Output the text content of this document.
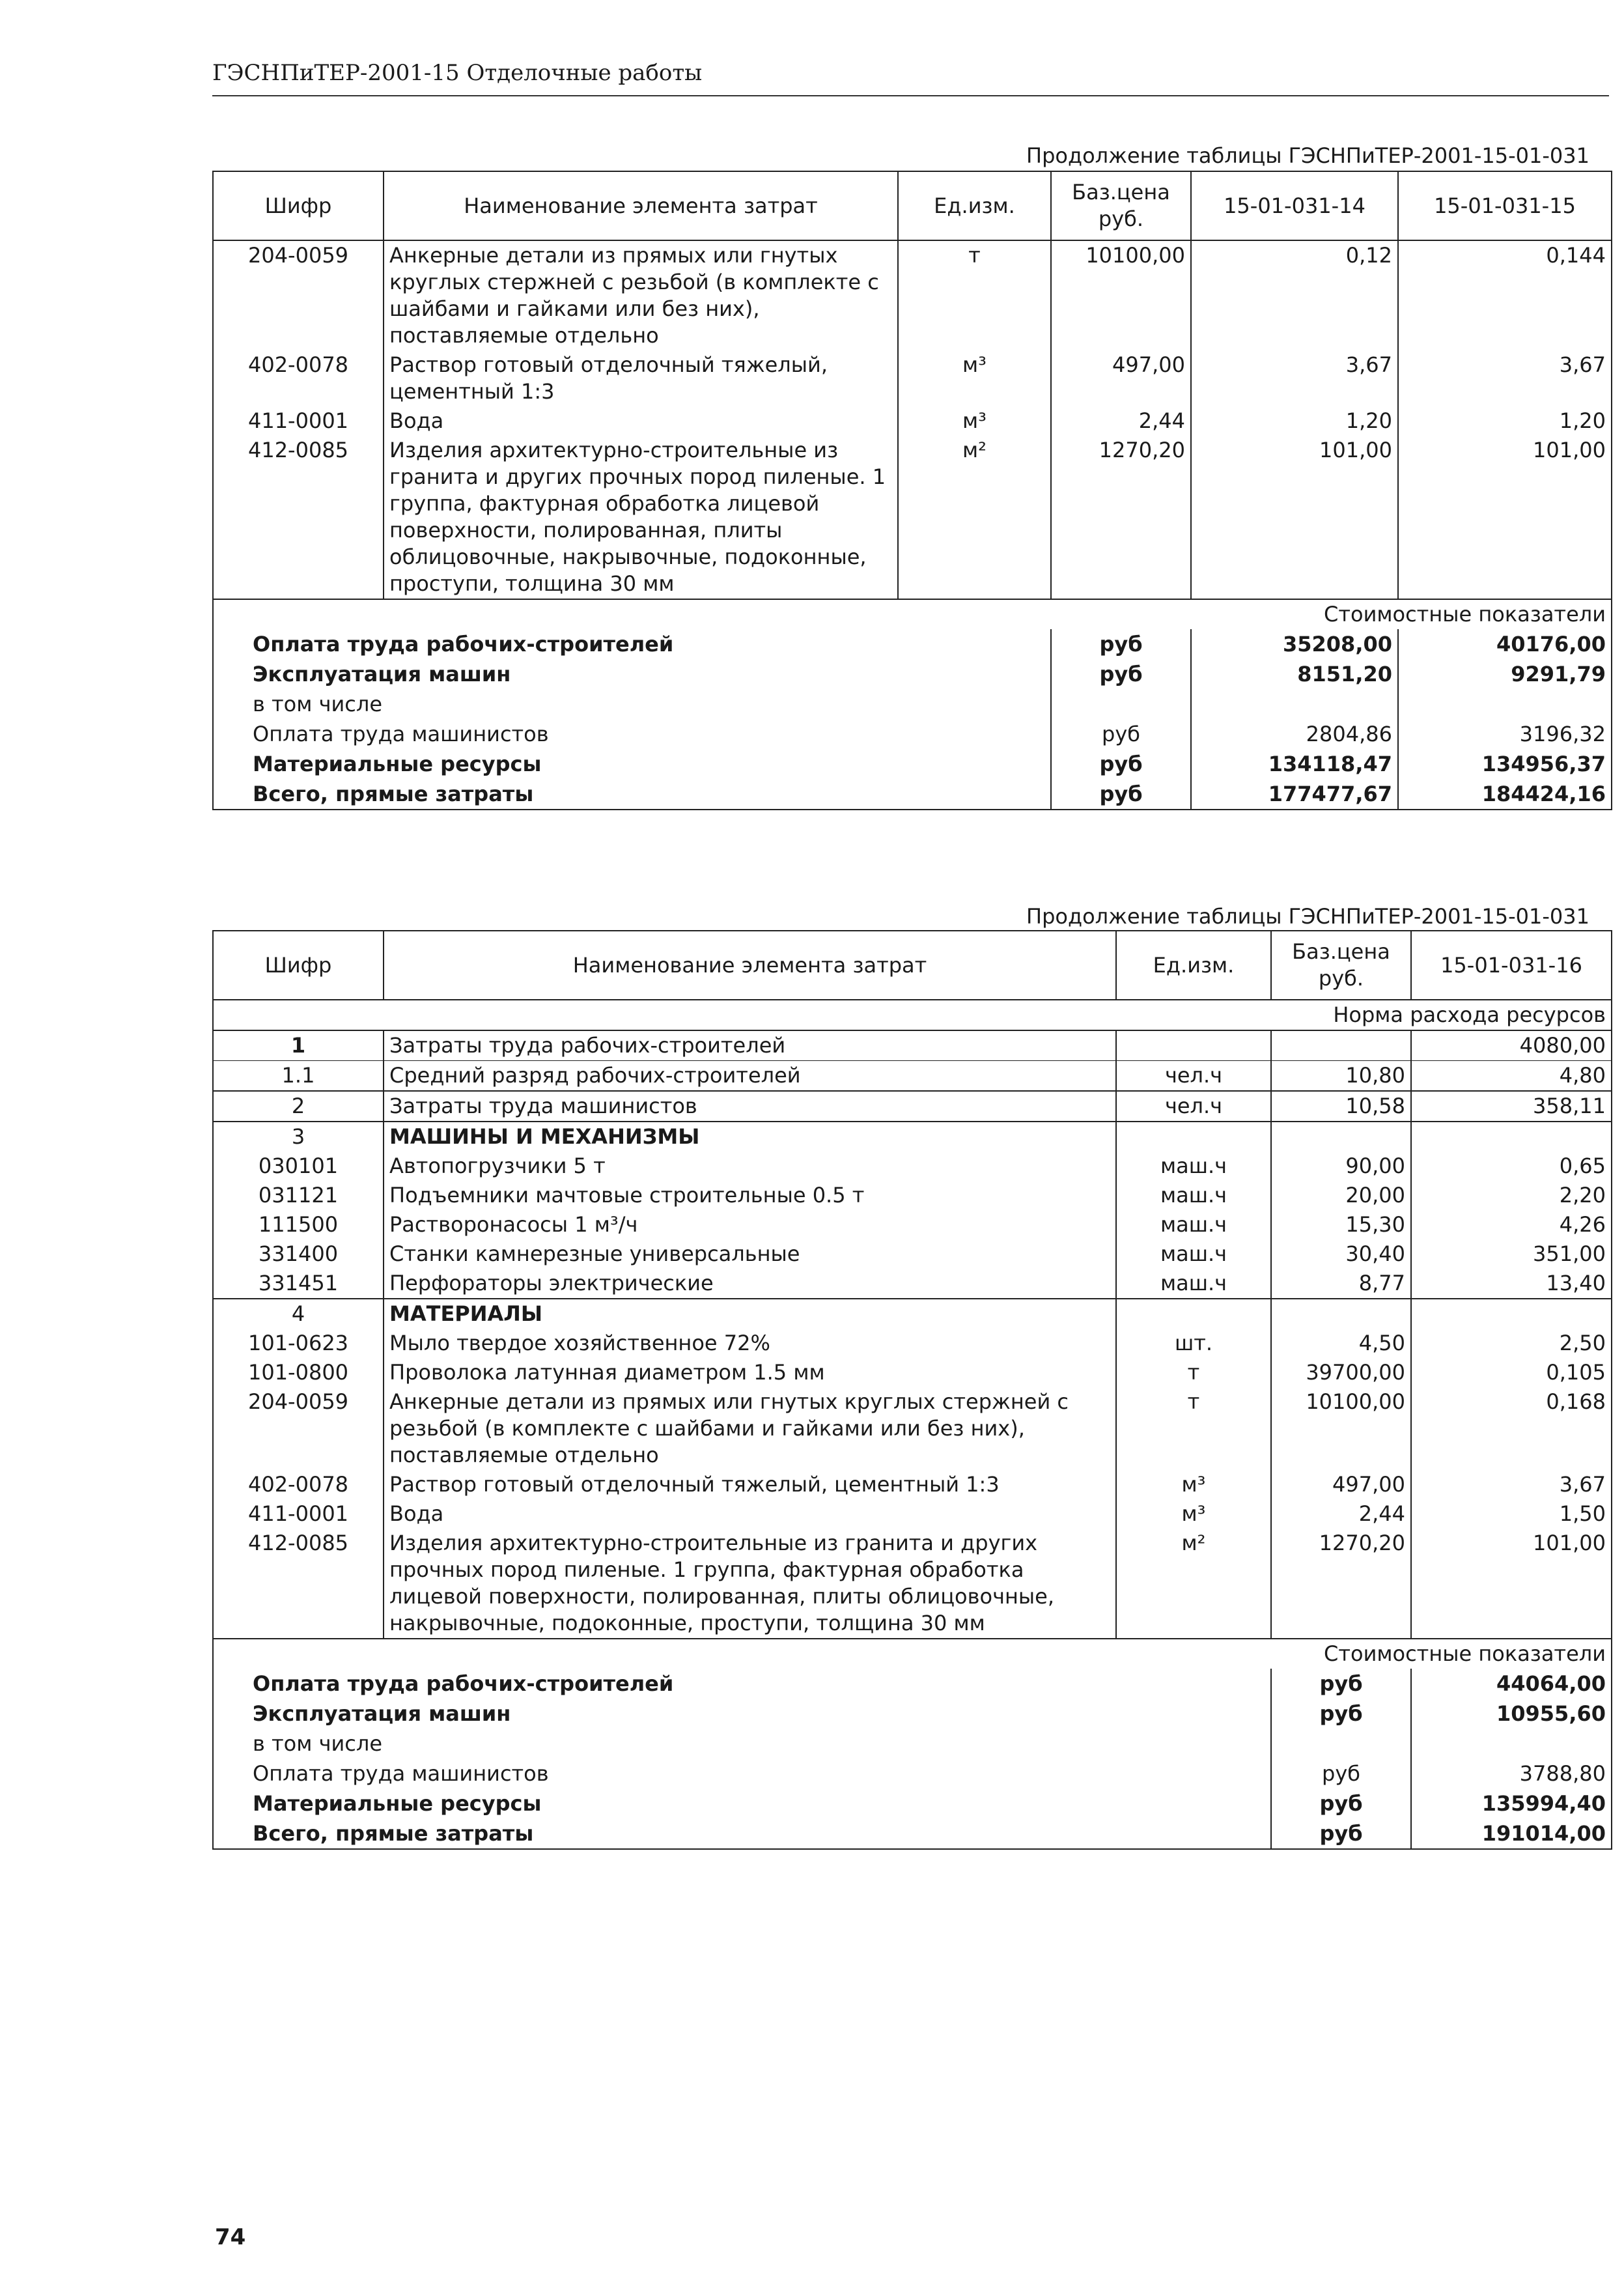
ГЭСНПиТЕР-2001-15 Отделочные работы
Продолжение таблицы ГЭСНПиТЕР-2001-15-01-031
Шифр	Наименование элемента затрат	Ед.изм.	Баз.цена руб.	15-01-031-14	15-01-031-15
204-0059	Анкерные детали из прямых или гнутых круглых стержней с резьбой (в комплекте с шайбами и гайками или без них), поставляемые отдельно	т	10100,00	0,12	0,144
402-0078	Раствор готовый отделочный тяжелый, цементный 1:3	м³	497,00	3,67	3,67
411-0001	Вода	м³	2,44	1,20	1,20
412-0085	Изделия архитектурно-строительные из гранита и других прочных пород пиленые. 1 группа, фактурная обработка лицевой поверхности, полированная, плиты облицовочные, накрывочные, подоконные, проступи, толщина 30 мм	м²	1270,20	101,00	101,00
Стоимостные показатели					
Оплата труда рабочих-строителей			руб	35208,00	40176,00
Эксплуатация машин			руб	8151,20	9291,79
в том числе					
Оплата труда машинистов			руб	2804,86	3196,32
Материальные ресурсы			руб	134118,47	134956,37
Всего, прямые затраты			руб	177477,67	184424,16
Продолжение таблицы ГЭСНПиТЕР-2001-15-01-031
Шифр	Наименование элемента затрат	Ед.изм.	Баз.цена руб.	15-01-031-16
Норма расхода ресурсов				
1	Затраты труда рабочих-строителей			4080,00
1.1	Средний разряд рабочих-строителей	чел.ч	10,80	4,80
2	Затраты труда машинистов	чел.ч	10,58	358,11
3	МАШИНЫ И МЕХАНИЗМЫ			
030101	Автопогрузчики 5 т	маш.ч	90,00	0,65
031121	Подъемники мачтовые строительные 0.5 т	маш.ч	20,00	2,20
111500	Растворонасосы 1 м³/ч	маш.ч	15,30	4,26
331400	Станки камнерезные универсальные	маш.ч	30,40	351,00
331451	Перфораторы электрические	маш.ч	8,77	13,40
4	МАТЕРИАЛЫ			
101-0623	Мыло твердое хозяйственное 72%	шт.	4,50	2,50
101-0800	Проволока латунная диаметром 1.5 мм	т	39700,00	0,105
204-0059	Анкерные детали из прямых или гнутых круглых стержней с резьбой (в комплекте с шайбами и гайками или без них), поставляемые отдельно	т	10100,00	0,168
402-0078	Раствор готовый отделочный тяжелый, цементный 1:3	м³	497,00	3,67
411-0001	Вода	м³	2,44	1,50
412-0085	Изделия архитектурно-строительные из гранита и других прочных пород пиленые. 1 группа, фактурная обработка лицевой поверхности, полированная, плиты облицовочные, накрывочные, подоконные, проступи, толщина 30 мм	м²	1270,20	101,00
Стоимостные показатели				
Оплата труда рабочих-строителей			руб	44064,00
Эксплуатация машин			руб	10955,60
в том числе				
Оплата труда машинистов			руб	3788,80
Материальные ресурсы			руб	135994,40
Всего, прямые затраты			руб	191014,00
74
